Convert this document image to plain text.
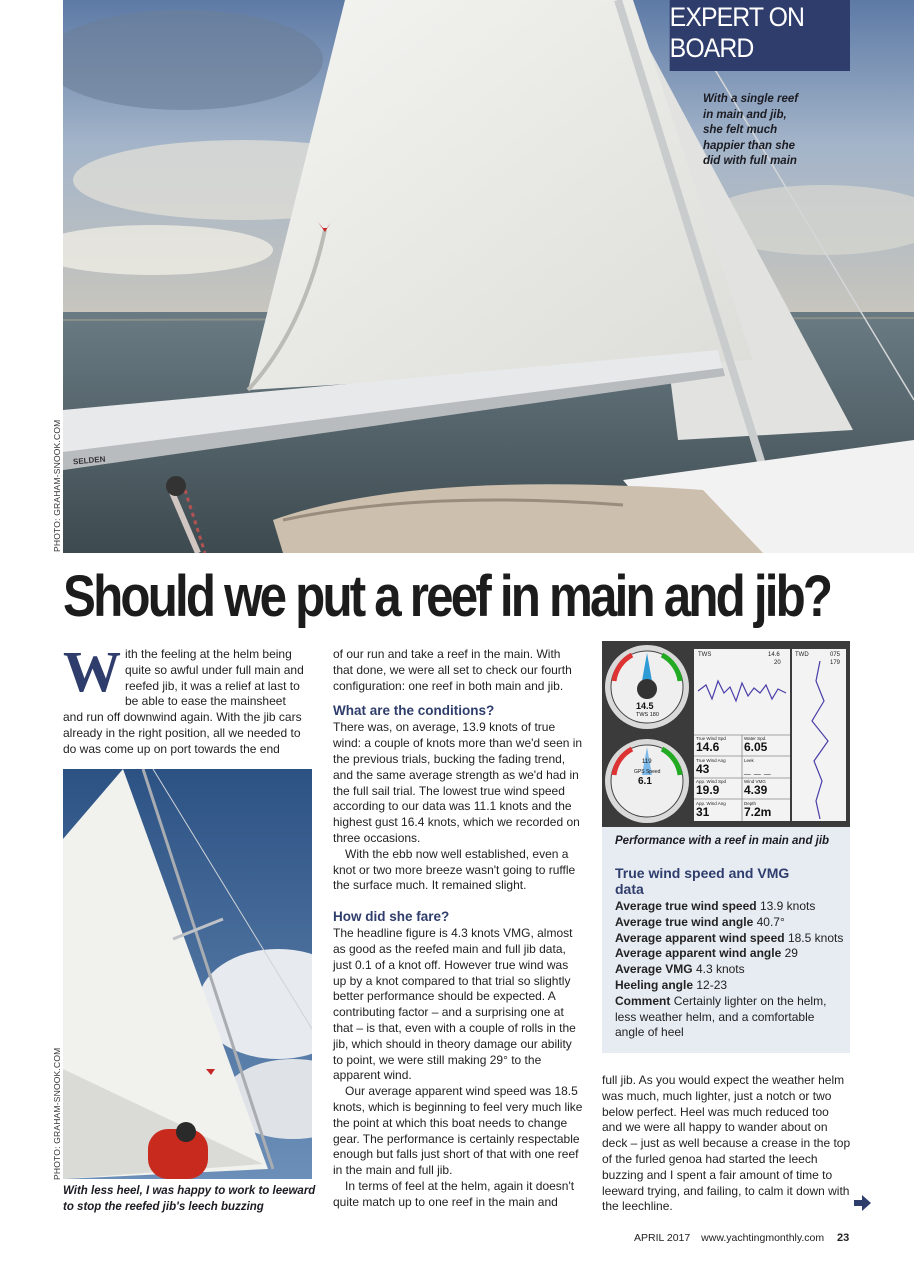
SELDEN
EXPERT ON BOARD
With a single reef in main and jib, she felt much happier than she did with full main
PHOTO: GRAHAM-SNOOK.COM
Should we put a reef in main and jib?
W ith the feeling at the helm being quite so awful under full main and reefed jib, it was a relief at last to be able to ease the mainsheet and run off downwind again. With the jib cars already in the right position, all we needed to do was come up on port towards the end

PHOTO: GRAHAM-SNOOK.COM
With less heel, I was happy to work to leeward to stop the reefed jib's leech buzzing

of our run and take a reef in the main. With that done, we were all set to check our fourth configuration: one reef in both main and jib.

What are the conditions?

There was, on average, 13.9 knots of true wind: a couple of knots more than we'd seen in the previous trials, bucking the fading trend, and the same average strength as we'd had in the full sail trial. The lowest true wind speed according to our data was 11.1 knots and the highest gust 16.4 knots, which we recorded on three occasions.

With the ebb now well established, even a knot or two more breeze wasn't going to ruffle the surface much. It remained slight.

How did she fare?

The headline figure is 4.3 knots VMG, almost as good as the reefed main and full jib data, just 0.1 of a knot off. However true wind was up by a knot compared to that trial so slightly better performance should be expected. A contributing factor – and a surprising one at that – is that, even with a couple of rolls in the jib, which should in theory damage our ability to point, we were still making 29° to the apparent wind.

Our average apparent wind speed was 18.5 knots, which is beginning to feel very much like the point at which this boat needs to change gear. The performance is certainly respectable enough but falls just short of that with one reef in the main and full jib.

In terms of feel at the helm, again it doesn't quite match up to one reef in the main and

TWS	14.6
20
TWD	075
179
14.5
TWS 180
119
GPS Speed
6.1
True Wind Spd
14.6
Water Spd.
6.05
True Wind Ang
43
Leek
_ _ _
App. Wind Spd
19.9
Wind VMG
4.39
App. Wind Ang
31
Depth
7.2m
Performance with a reef in main and jib
True wind speed and VMG data
Average true wind speed 13.9 knots
Average true wind angle 40.7°
Average apparent wind speed 18.5 knots
Average apparent wind angle 29
Average VMG 4.3 knots
Heeling angle 12-23
Comment Certainly lighter on the helm, less weather helm, and a comfortable angle of heel

full jib. As you would expect the weather helm was much, much lighter, just a notch or two below perfect. Heel was much reduced too and we were all happy to wander about on deck – just as well because a crease in the top of the furled genoa had started the leech buzzing and I spent a fair amount of time to leeward trying, and failing, to calm it down with the leechline.

APRIL 2017 www.yachtingmonthly.com 23
